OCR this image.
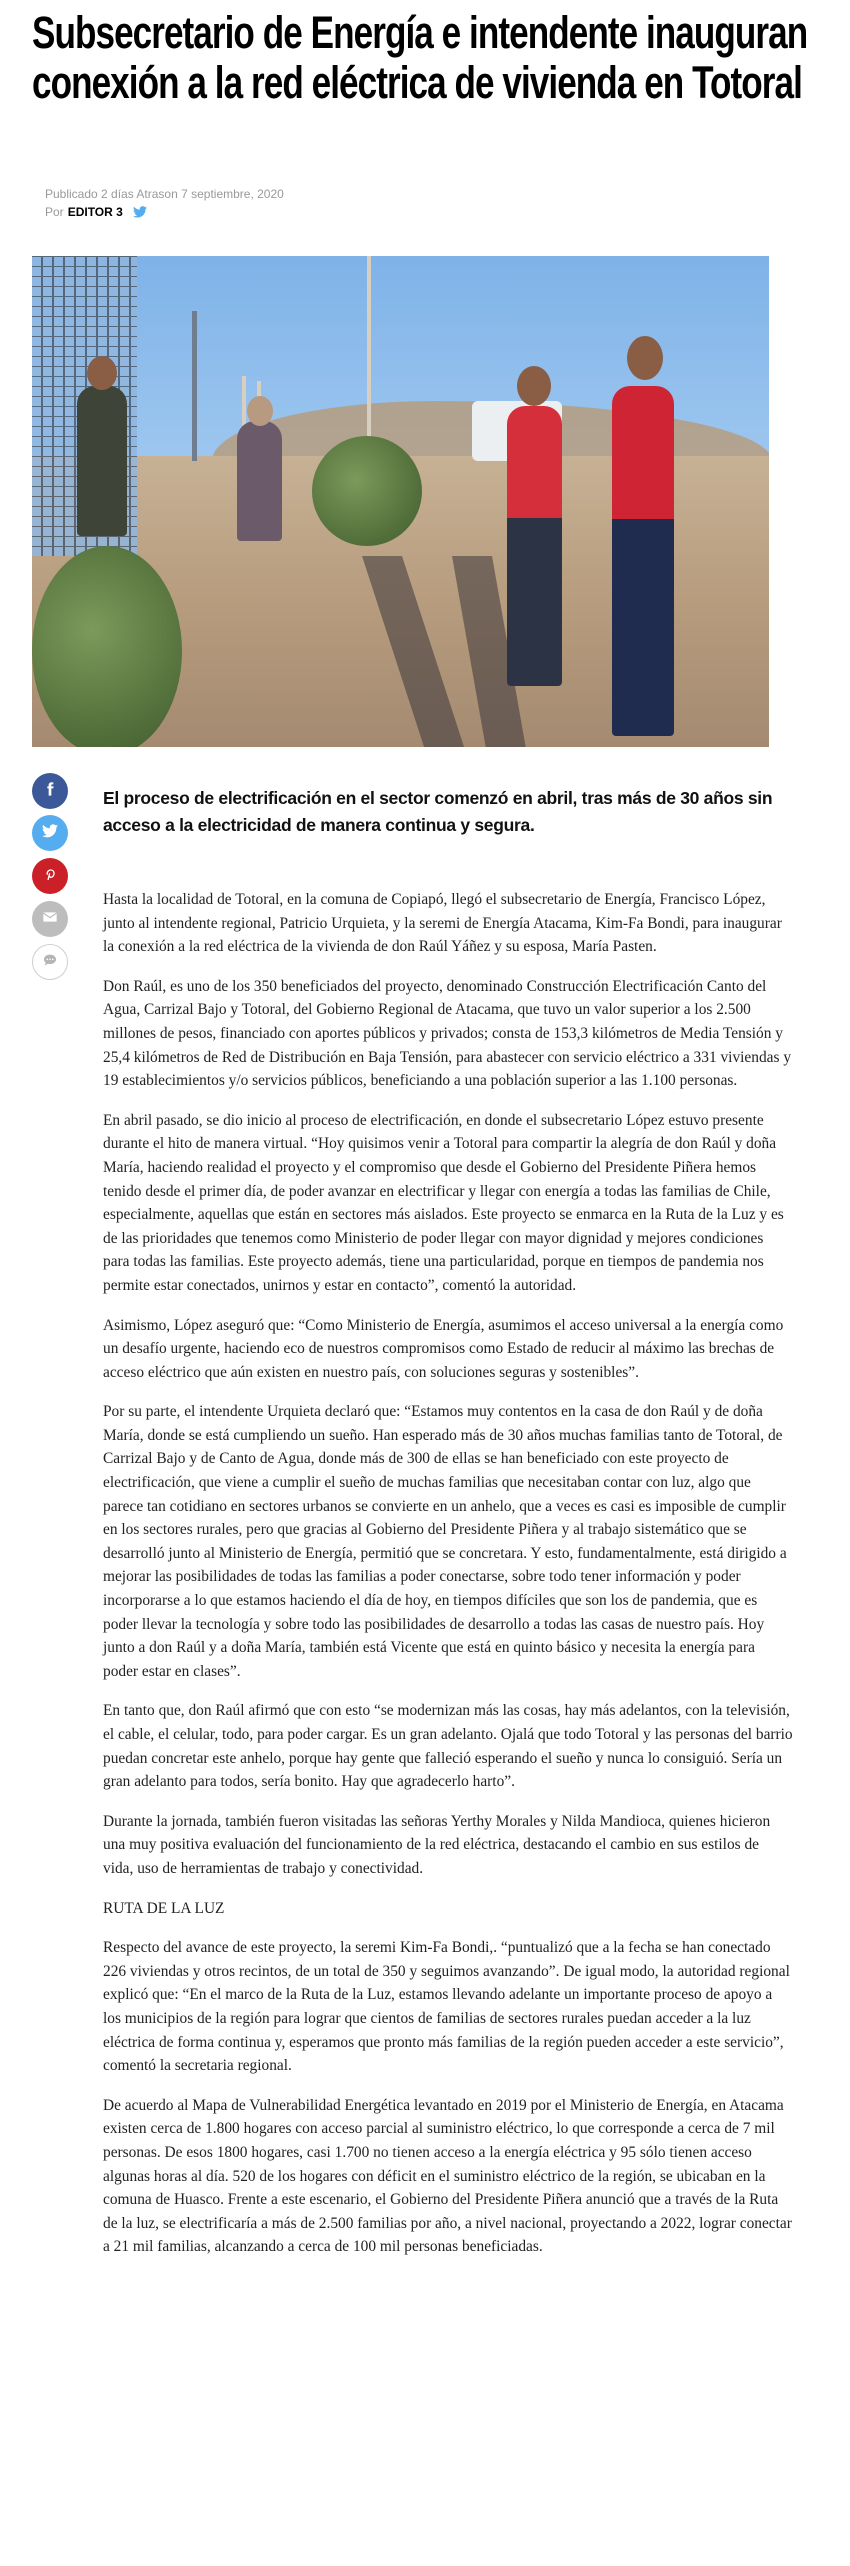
Subsecretario de Energía e intendente inauguran conexión a la red eléctrica de vivienda en Totoral
Publicado 2 días Atrason 7 septiembre, 2020
Por EDITOR 3

El proceso de electrificación en el sector comenzó en abril, tras más de 30 años sin acceso a la electricidad de manera continua y segura.

Hasta la localidad de Totoral, en la comuna de Copiapó, llegó el subsecretario de Energía, Francisco López, junto al intendente regional, Patricio Urquieta, y la seremi de Energía Atacama, Kim-Fa Bondi, para inaugurar la conexión a la red eléctrica de la vivienda de don Raúl Yáñez y su esposa, María Pasten.

Don Raúl, es uno de los 350 beneficiados del proyecto, denominado Construcción Electrificación Canto del Agua, Carrizal Bajo y Totoral, del Gobierno Regional de Atacama, que tuvo un valor superior a los 2.500 millones de pesos, financiado con aportes públicos y privados; consta de 153,3 kilómetros de Media Tensión y 25,4 kilómetros de Red de Distribución en Baja Tensión, para abastecer con servicio eléctrico a 331 viviendas y 19 establecimientos y/o servicios públicos, beneficiando a una población superior a las 1.100 personas.

En abril pasado, se dio inicio al proceso de electrificación, en donde el subsecretario López estuvo presente durante el hito de manera virtual. “Hoy quisimos venir a Totoral para compartir la alegría de don Raúl y doña María, haciendo realidad el proyecto y el compromiso que desde el Gobierno del Presidente Piñera hemos tenido desde el primer día, de poder avanzar en electrificar y llegar con energía a todas las familias de Chile, especialmente, aquellas que están en sectores más aislados. Este proyecto se enmarca en la Ruta de la Luz y es de las prioridades que tenemos como Ministerio de poder llegar con mayor dignidad y mejores condiciones para todas las familias. Este proyecto además, tiene una particularidad, porque en tiempos de pandemia nos permite estar conectados, unirnos y estar en contacto”, comentó la autoridad.

Asimismo, López aseguró que: “Como Ministerio de Energía, asumimos el acceso universal a la energía como un desafío urgente, haciendo eco de nuestros compromisos como Estado de reducir al máximo las brechas de acceso eléctrico que aún existen en nuestro país, con soluciones seguras y sostenibles”.

Por su parte, el intendente Urquieta declaró que: “Estamos muy contentos en la casa de don Raúl y de doña María, donde se está cumpliendo un sueño. Han esperado más de 30 años muchas familias tanto de Totoral, de Carrizal Bajo y de Canto de Agua, donde más de 300 de ellas se han beneficiado con este proyecto de electrificación, que viene a cumplir el sueño de muchas familias que necesitaban contar con luz, algo que parece tan cotidiano en sectores urbanos se convierte en un anhelo, que a veces es casi es imposible de cumplir en los sectores rurales, pero que gracias al Gobierno del Presidente Piñera y al trabajo sistemático que se desarrolló junto al Ministerio de Energía, permitió que se concretara. Y esto, fundamentalmente, está dirigido a mejorar las posibilidades de todas las familias a poder conectarse, sobre todo tener información y poder incorporarse a lo que estamos haciendo el día de hoy, en tiempos difíciles que son los de pandemia, que es poder llevar la tecnología y sobre todo las posibilidades de desarrollo a todas las casas de nuestro país. Hoy junto a don Raúl y a doña María, también está Vicente que está en quinto básico y necesita la energía para poder estar en clases”.

En tanto que, don Raúl afirmó que con esto “se modernizan más las cosas, hay más adelantos, con la televisión, el cable, el celular, todo, para poder cargar. Es un gran adelanto. Ojalá que todo Totoral y las personas del barrio puedan concretar este anhelo, porque hay gente que falleció esperando el sueño y nunca lo consiguió. Sería un gran adelanto para todos, sería bonito. Hay que agradecerlo harto”.

Durante la jornada, también fueron visitadas las señoras Yerthy Morales y Nilda Mandioca, quienes hicieron una muy positiva evaluación del funcionamiento de la red eléctrica, destacando el cambio en sus estilos de vida, uso de herramientas de trabajo y conectividad.

RUTA DE LA LUZ

Respecto del avance de este proyecto, la seremi Kim-Fa Bondi,. “puntualizó que a la fecha se han conectado 226 viviendas y otros recintos, de un total de 350 y seguimos avanzando”. De igual modo, la autoridad regional explicó que: “En el marco de la Ruta de la Luz, estamos llevando adelante un importante proceso de apoyo a los municipios de la región para lograr que cientos de familias de sectores rurales puedan acceder a la luz eléctrica de forma continua y, esperamos que pronto más familias de la región pueden acceder a este servicio”, comentó la secretaria regional.

De acuerdo al Mapa de Vulnerabilidad Energética levantado en 2019 por el Ministerio de Energía, en Atacama existen cerca de 1.800 hogares con acceso parcial al suministro eléctrico, lo que corresponde a cerca de 7 mil personas. De esos 1800 hogares, casi 1.700 no tienen acceso a la energía eléctrica y 95 sólo tienen acceso algunas horas al día. 520 de los hogares con déficit en el suministro eléctrico de la región, se ubicaban en la comuna de Huasco. Frente a este escenario, el Gobierno del Presidente Piñera anunció que a través de la Ruta de la luz, se electrificaría a más de 2.500 familias por año, a nivel nacional, proyectando a 2022, lograr conectar a 21 mil familias, alcanzando a cerca de 100 mil personas beneficiadas.
